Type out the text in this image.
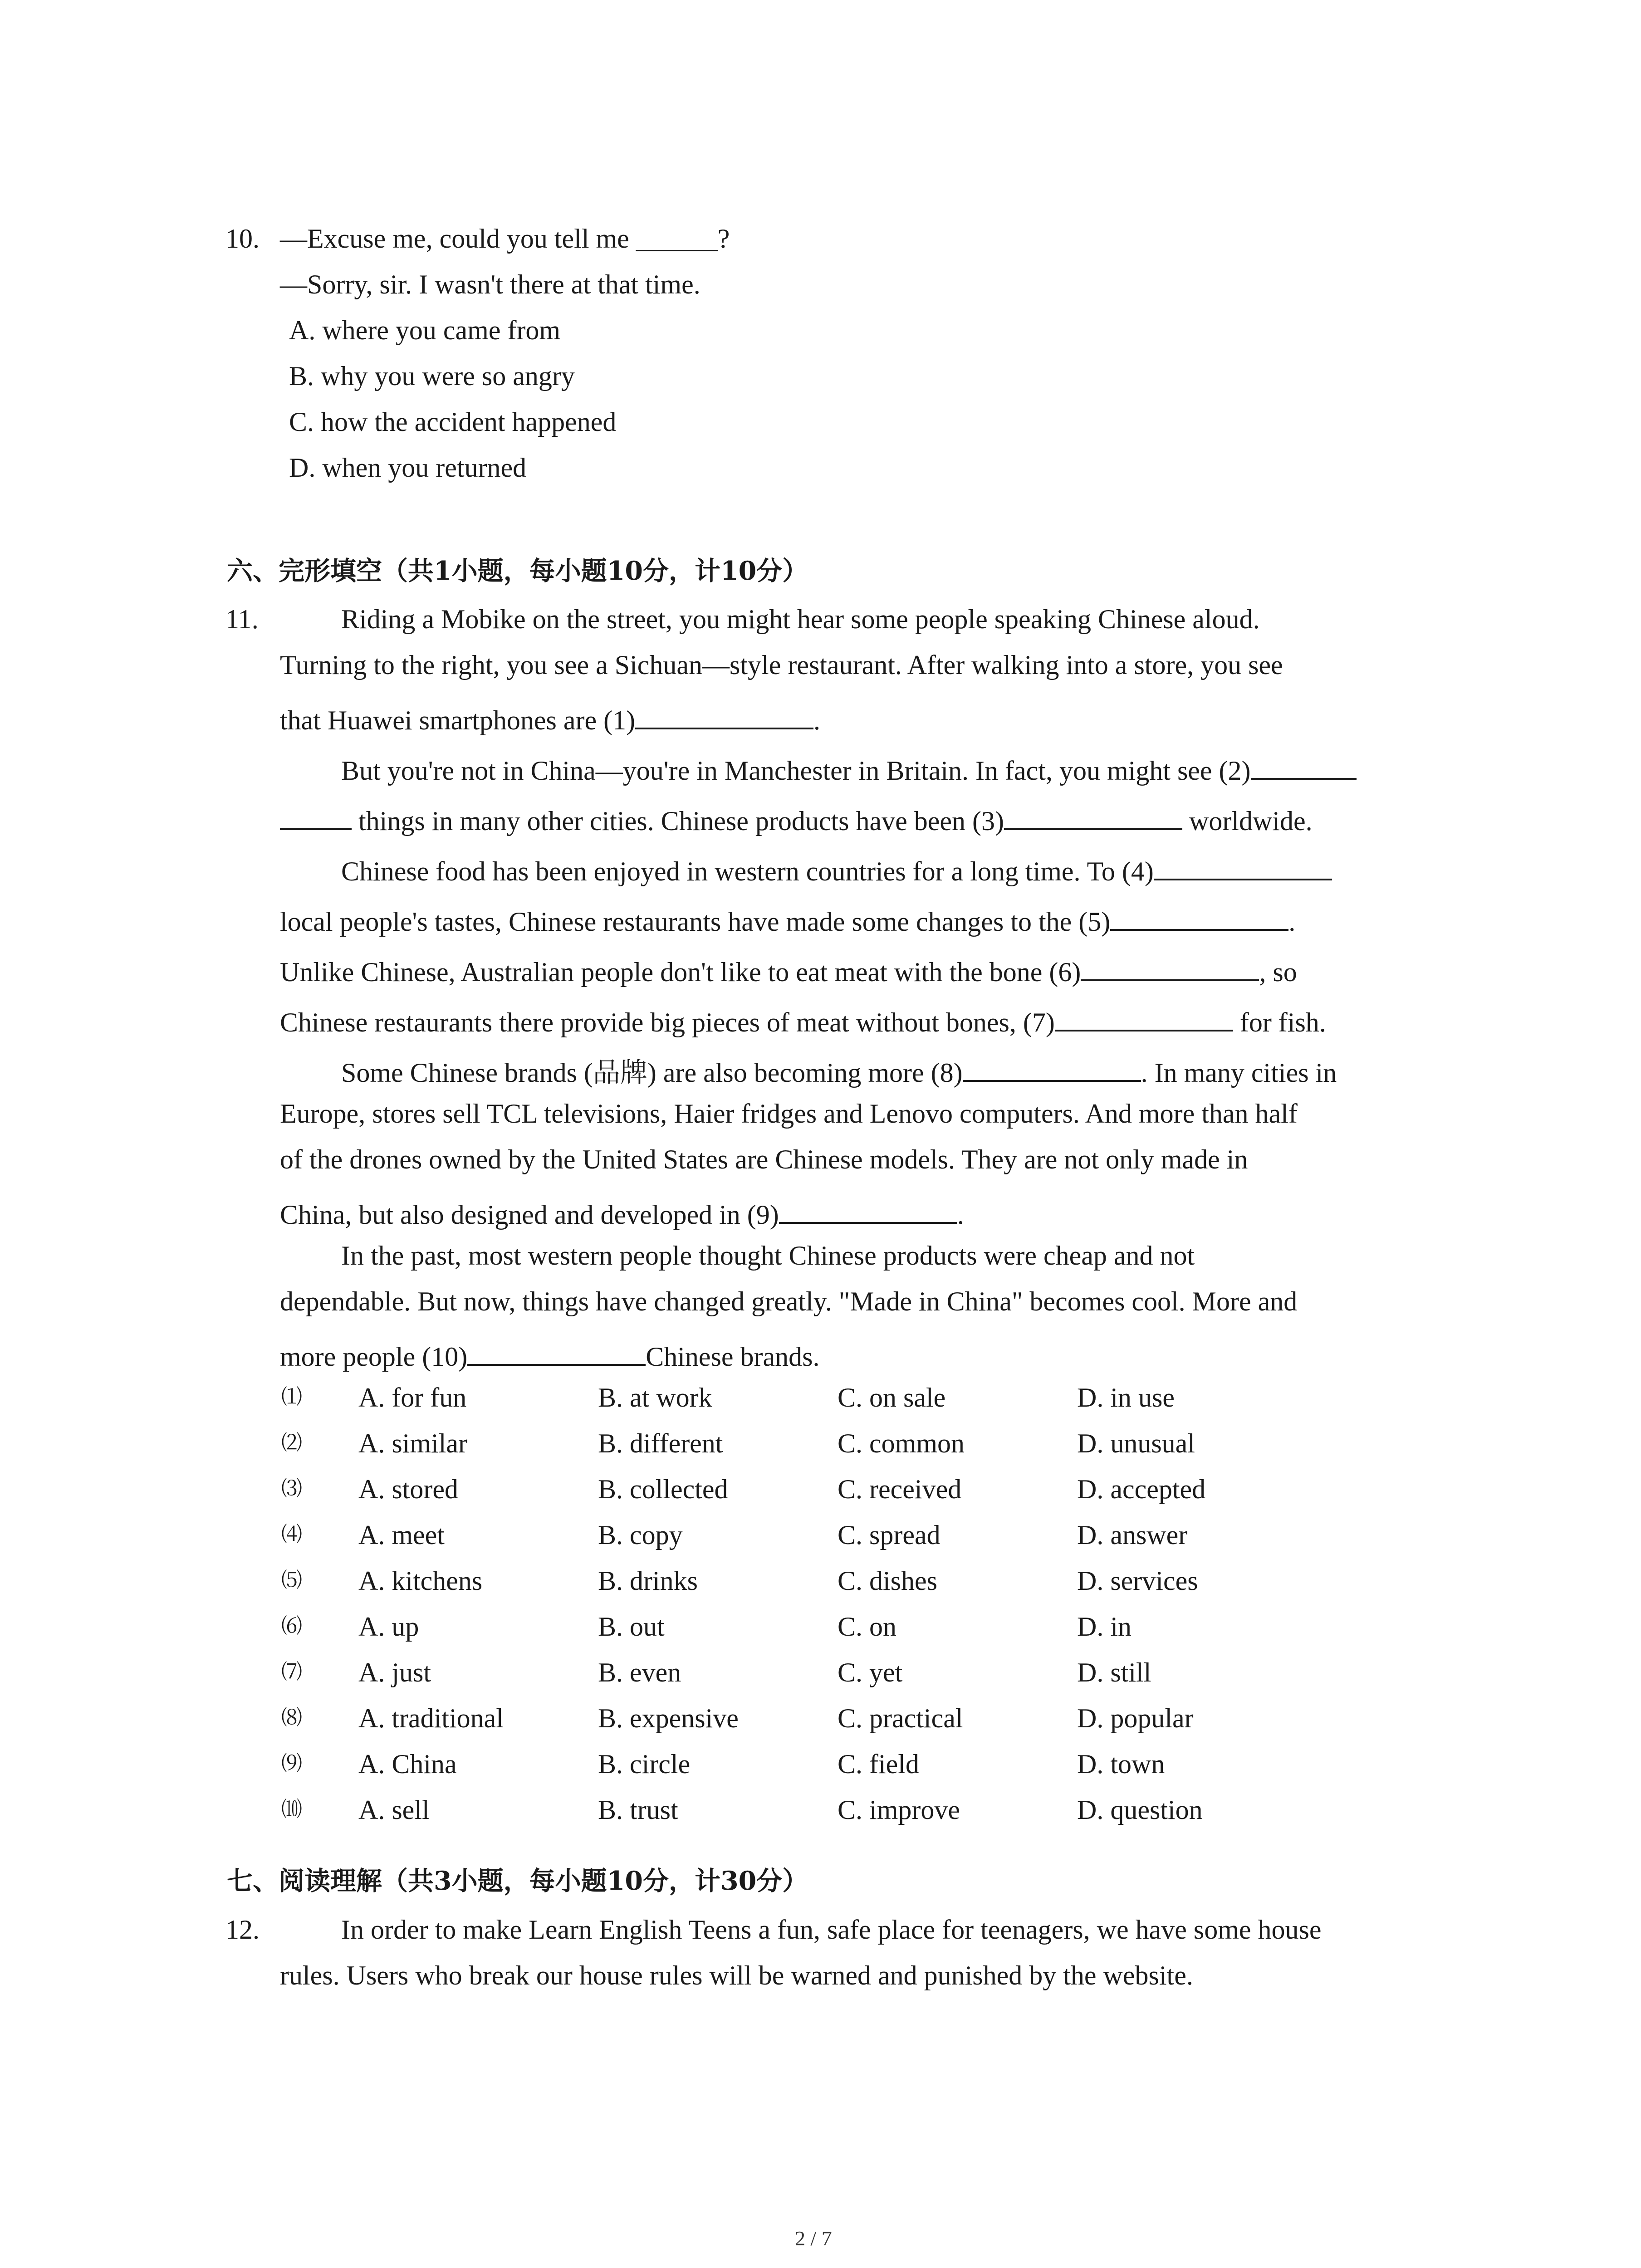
10. —Excuse me, could you tell me ______?
—Sorry, sir. I wasn't there at that time.
A. where you came from
B. why you were so angry
C. how the accident happened
D. when you returned
六、完形填空（共1小题，每小题10分，计10分）
11.	Riding a Mobike on the street, you might hear some people speaking Chinese aloud.
Turning to the right, you see a Sichuan—style restaurant. After walking into a store, you see
that Huawei smartphones are (1)	.
But you're not in China—you're in Manchester in Britain. In fact, you might see (2)
things in many other cities. Chinese products have been (3)	worldwide.
Chinese food has been enjoyed in western countries for a long time. To (4)
local people's tastes, Chinese restaurants have made some changes to the (5)	.
Unlike Chinese, Australian people don't like to eat meat with the bone (6)	, so
Chinese restaurants there provide big pieces of meat without bones, (7)	for fish.
Some Chinese brands (品牌) are also becoming more (8)	. In many cities in
Europe, stores sell TCL televisions, Haier fridges and Lenovo computers. And more than half
of the drones owned by the United States are Chinese models. They are not only made in
China, but also designed and developed in (9)	.
In the past, most western people thought Chinese products were cheap and not
dependable. But now, things have changed greatly. "Made in China" becomes cool. More and
more people (10)	Chinese brands.
⑴ A. for fun	B. at work	C. on sale	D. in use
⑵ A. similar	B. different	C. common	D. unusual
⑶ A. stored	B. collected	C. received	D. accepted
⑷ A. meet	B. copy	C. spread	D. answer
⑸ A. kitchens	B. drinks	C. dishes	D. services
⑹ A. up	B. out	C. on	D. in
⑺ A. just	B. even	C. yet	D. still
⑻ A. traditional	B. expensive	C. practical	D. popular
⑼ A. China	B. circle	C. field	D. town
⑽ A. sell	B. trust	C. improve	D. question
七、阅读理解（共3小题，每小题10分，计30分）
12.	In order to make Learn English Teens a fun, safe place for teenagers, we have some house
rules. Users who break our house rules will be warned and punished by the website.
2 / 7
